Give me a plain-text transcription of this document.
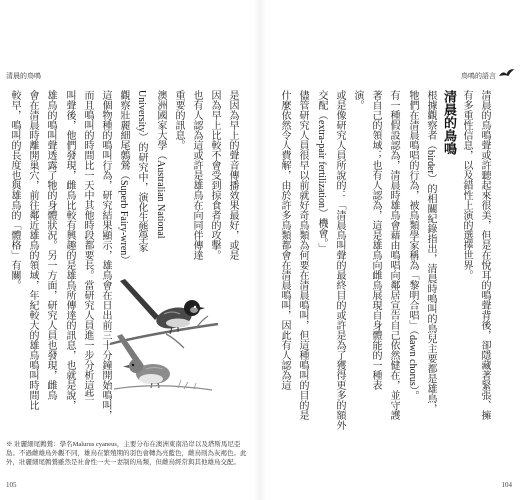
清晨的鳥鳴	鳥鳴的語言
清晨的鳥鳴聲或許聽起來很美，但是在悅耳的鳴聲背後，卻隱藏著緊張、擁
有多重性信息，以及錯性上演的選擇世界。
清晨的鳥鳴
根據觀察者（birder）的相關紀錄指出，清晨時鳴叫的鳥兒主要都是雄鳥，
牠們在清晨鳴唱的行為，被鳥類學家稱為「黎明合唱」（dawn chorus）。
有一種假設認為，清晨時雄鳥會藉由鳴唱向鄰居宣告自己依然健在，並守護
著自己的領域；也有人認為，這是雄鳥向雌鳥展現自身體能的一種表
演。
或是像研究人員所說的：「清晨鳥叫聲的最終目的或許是為了獲得更多的額外
交配（extra-pair fertilization）機會。」
儘管研究人員很早以前就好奇鳥類為何要在清晨鳴叫，但這種鳴叫的目的是
什麼依然令人費解，由於許多鳥類都會在清晨鳴叫，因此有人認為這
104
是因為早上的聲音傳播效果最好，或是
因為早上比較不會受到掠食者的攻擊。
也有人認為這或許是雄鳥在向同伴傳達
重要的訊息。
澳洲國家大學（Australian National
University）的研究中，演化生態學家
觀察壯麗細尾鷯鶯（Superb Fairy-wren）
這個物種的鳴叫行為，研究結果顯示，雄鳥會在日出前三十分鐘開始鳴叫，
而且鳴叫的時間比一天中其他時段都要長。當研究人員進一步分析這些
叫聲後，他們發現，雌鳥比較有興趣的是雄鳥所傳達的訊息，也就是說，
雄鳥的鳴叫聲透露了牠的身體狀況。另一方面，研究人員也發現，雌鳥
會在清晨時離開巢穴，前往鄰近雄鳥的領域，年紀較大的雄鳥鳴叫時間比
較早，鳴叫的長度也與雄鳥的「體格」有關。
※ 壯麗細尾鷯鶯：學名Malurus cyaneus，主要分布在澳洲東南沿岸以及塔斯馬尼亞島。不過雌雄鳥外觀不同，雄鳥在繁殖期的羽色會轉為亮藍色，雌鳥則為灰褐色。此外，壯麗細尾鷯鶯雖然是社會性一夫一妻制的鳥類，但雌鳥經常與其他雄鳥交配。
105
